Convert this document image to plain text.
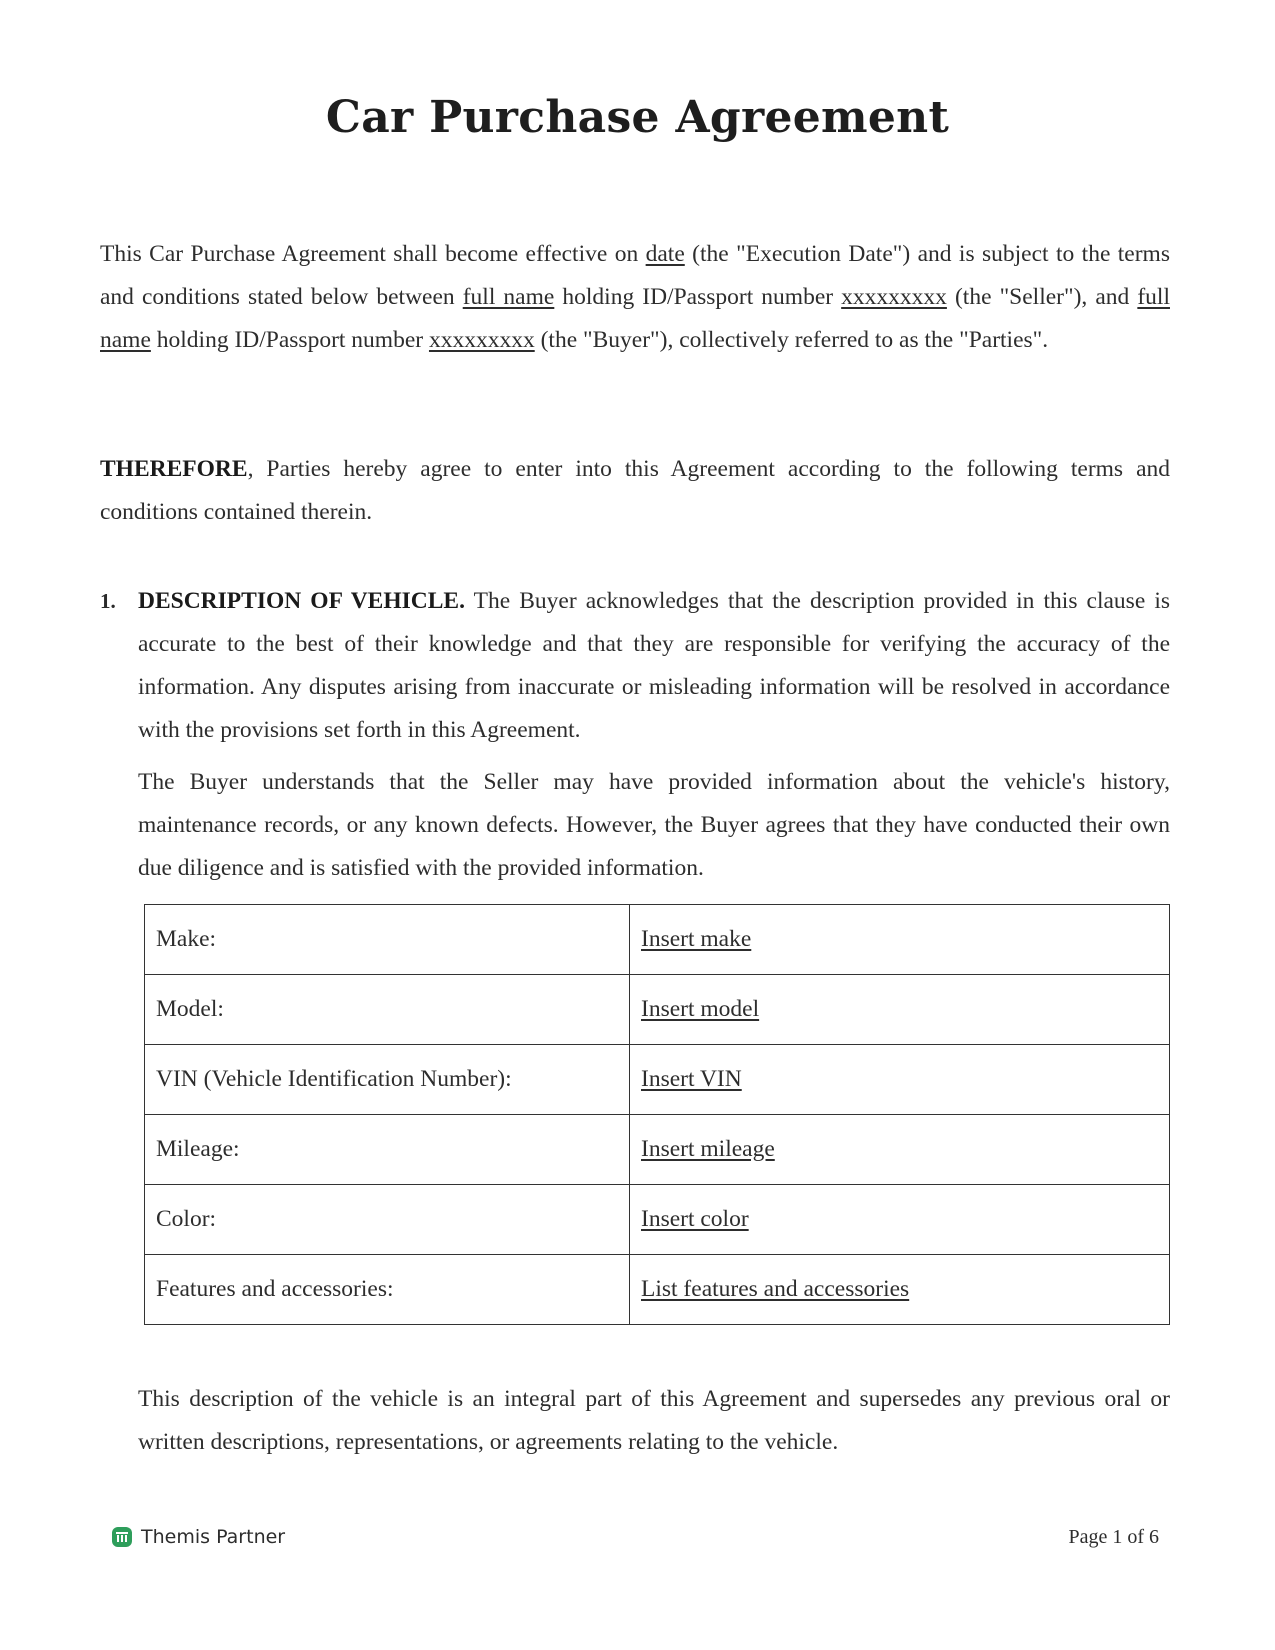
Car Purchase Agreement

This Car Purchase Agreement shall become effective on date (the "Execution Date") and is subject to the terms and conditions stated below between full name holding ID/Passport number xxxxxxxxx (the "Seller"), and full name holding ID/Passport number xxxxxxxxx (the "Buyer"), collectively referred to as the "Parties".

THEREFORE, Parties hereby agree to enter into this Agreement according to the following terms and conditions contained therein.

1. DESCRIPTION OF VEHICLE. The Buyer acknowledges that the description provided in this clause is accurate to the best of their knowledge and that they are responsible for verifying the accuracy of the information. Any disputes arising from inaccurate or misleading information will be resolved in accordance with the provisions set forth in this Agreement.

The Buyer understands that the Seller may have provided information about the vehicle's history, maintenance records, or any known defects. However, the Buyer agrees that they have conducted their own due diligence and is satisfied with the provided information.

Make:	Insert make
Model:	Insert model
VIN (Vehicle Identification Number):	Insert VIN
Mileage:	Insert mileage
Color:	Insert color
Features and accessories:	List features and accessories

This description of the vehicle is an integral part of this Agreement and supersedes any previous oral or written descriptions, representations, or agreements relating to the vehicle.

Themis Partner	Page 1 of 6
